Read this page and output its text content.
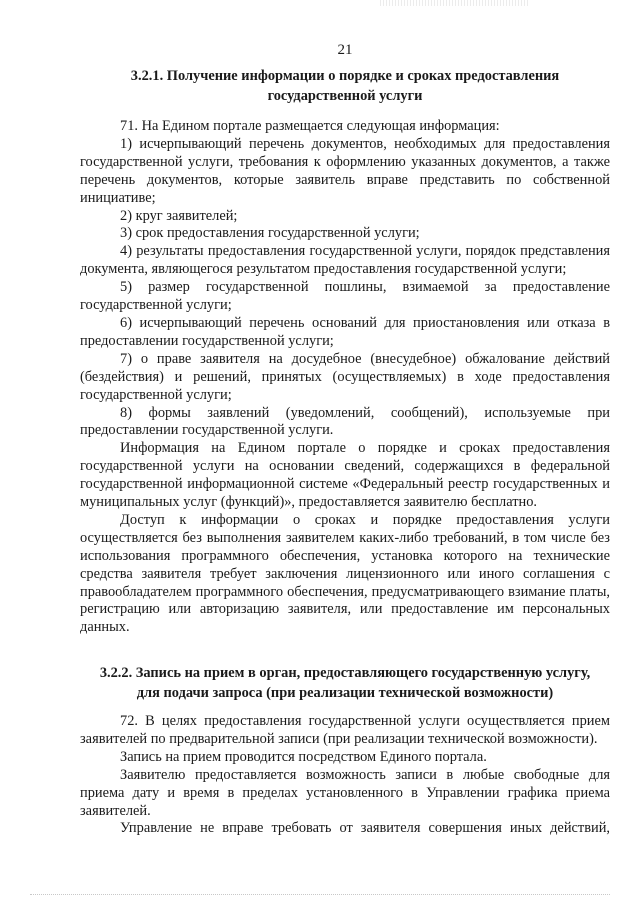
21
3.2.1. Получение информации о порядке и сроках предоставления
государственной услуги

71. На Едином портале размещается следующая информация:

1) исчерпывающий перечень документов, необходимых для предоставления государственной услуги, требования к оформлению указанных документов, а также перечень документов, которые заявитель вправе представить по собственной инициативе;

2) круг заявителей;

3) срок предоставления государственной услуги;

4) результаты предоставления государственной услуги, порядок представления документа, являющегося результатом предоставления государственной услуги;

5) размер государственной пошлины, взимаемой за предоставление государственной услуги;

6) исчерпывающий перечень оснований для приостановления или отказа в предоставлении государственной услуги;

7) о праве заявителя на досудебное (внесудебное) обжалование действий (бездействия) и решений, принятых (осуществляемых) в ходе предоставления государственной услуги;

8) формы заявлений (уведомлений, сообщений), используемые при предоставлении государственной услуги.

Информация на Едином портале о порядке и сроках предоставления государственной услуги на основании сведений, содержащихся в федеральной государственной информационной системе «Федеральный реестр государственных и муниципальных услуг (функций)», предоставляется заявителю бесплатно.

Доступ к информации о сроках и порядке предоставления услуги осуществляется без выполнения заявителем каких-либо требований, в том числе без использования программного обеспечения, установка которого на технические средства заявителя требует заключения лицензионного или иного соглашения с правообладателем программного обеспечения, предусматривающего взимание платы, регистрацию или авторизацию заявителя, или предоставление им персональных данных.

3.2.2. Запись на прием в орган, предоставляющего государственную услугу,
для подачи запроса (при реализации технической возможности)

72. В целях предоставления государственной услуги осуществляется прием заявителей по предварительной записи (при реализации технической возможности).

Запись на прием проводится посредством Единого портала.

Заявителю предоставляется возможность записи в любые свободные для приема дату и время в пределах установленного в Управлении графика приема заявителей.

Управление не вправе требовать от заявителя совершения иных действий,
